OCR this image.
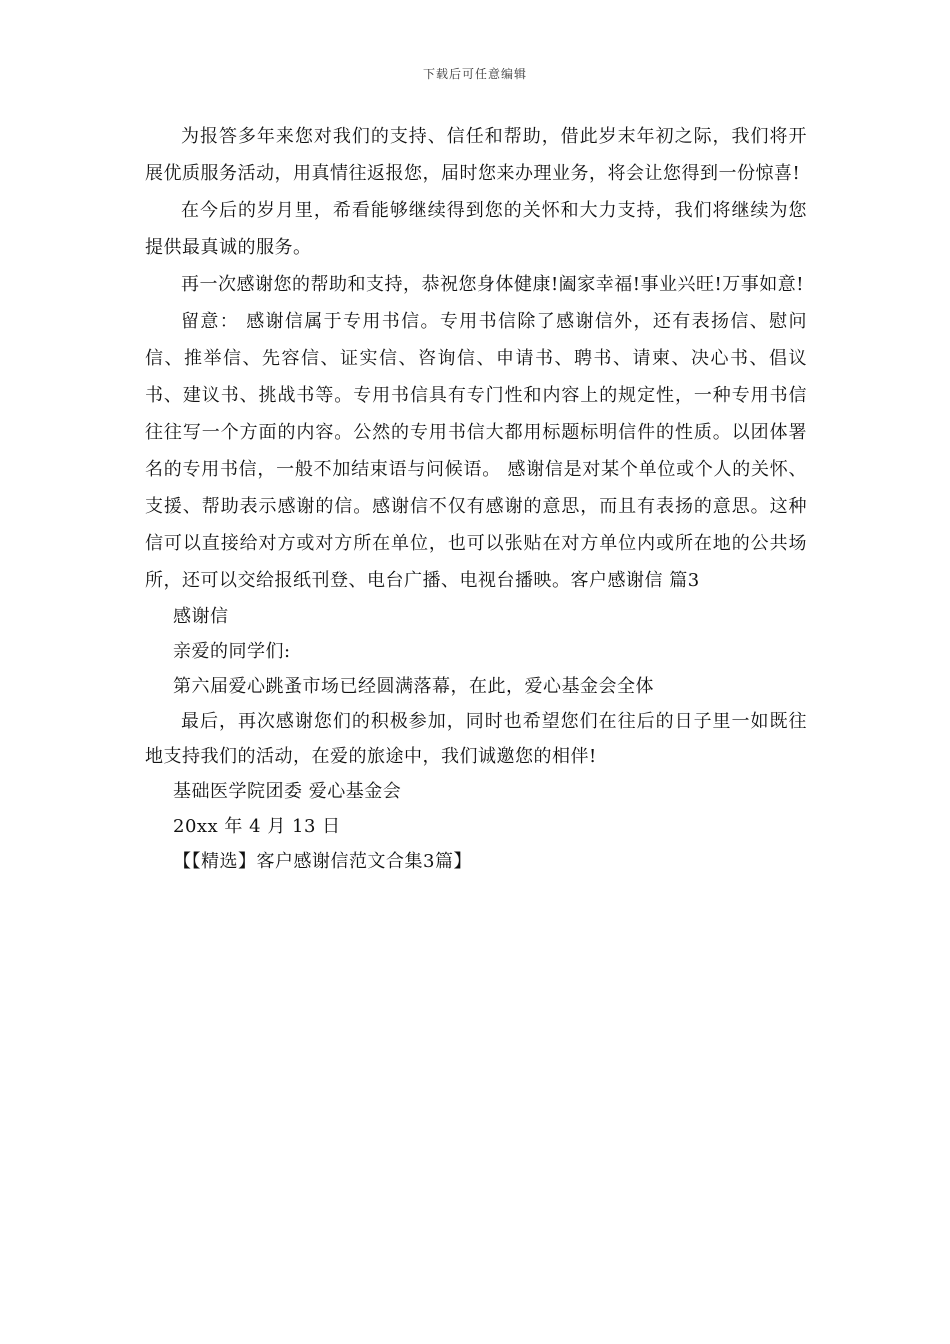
下载后可任意编辑

为报答多年来您对我们的支持、信任和帮助，借此岁末年初之际，我们将开展优质服务活动，用真情往返报您，届时您来办理业务，将会让您得到一份惊喜!

在今后的岁月里，希看能够继续得到您的关怀和大力支持，我们将继续为您提供最真诚的服务。

再一次感谢您的帮助和支持，恭祝您身体健康!阖家幸福!事业兴旺!万事如意!

留意： 感谢信属于专用书信。专用书信除了感谢信外，还有表扬信、慰问信、推举信、先容信、证实信、咨询信、申请书、聘书、请柬、决心书、倡议书、建议书、挑战书等。专用书信具有专门性和内容上的规定性，一种专用书信往往写一个方面的内容。公然的专用书信大都用标题标明信件的性质。以团体署名的专用书信，一般不加结束语与问候语。 感谢信是对某个单位或个人的关怀、支援、帮助表示感谢的信。感谢信不仅有感谢的意思，而且有表扬的意思。这种信可以直接给对方或对方所在单位，也可以张贴在对方单位内或所在地的公共场所，还可以交给报纸刊登、电台广播、电视台播映。客户感谢信 篇3

感谢信

亲爱的同学们:

第六届爱心跳蚤市场已经圆满落幕，在此，爱心基金会全体

最后，再次感谢您们的积极参加，同时也希望您们在往后的日子里一如既往地支持我们的活动，在爱的旅途中，我们诚邀您的相伴!

基础医学院团委 爱心基金会

20xx 年 4 月 13 日

【【精选】客户感谢信范文合集3篇】
